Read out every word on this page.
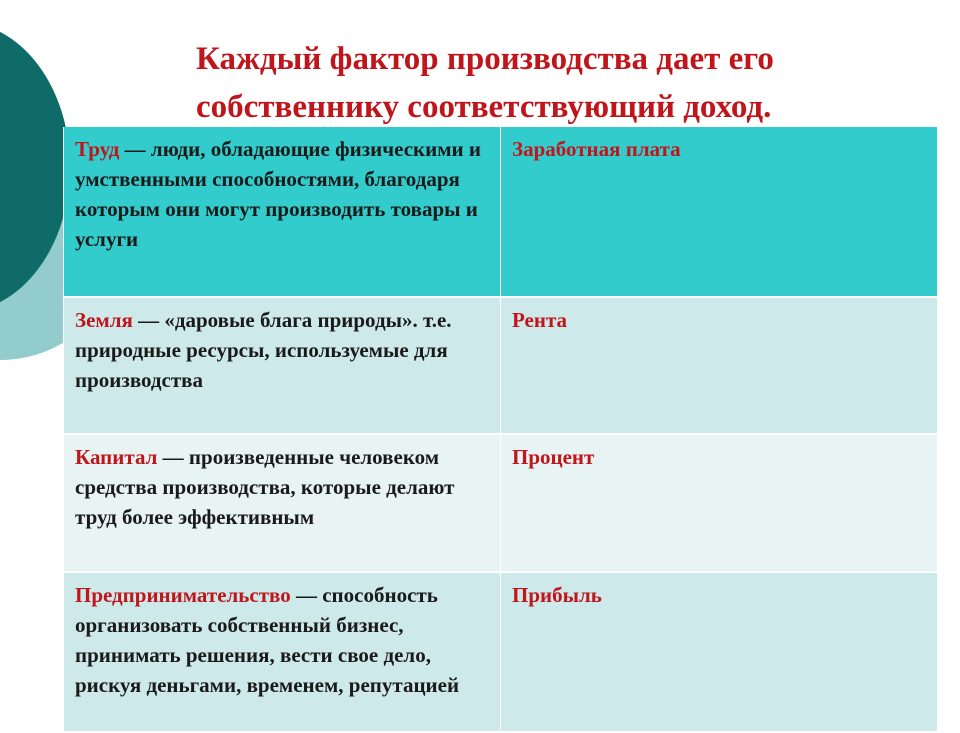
Каждый фактор производства дает его собственнику соответствующий доход.
Труд — люди, обладающие физическими и умственными способностями, благодаря которым они могут производить товары и услуги	Заработная плата
Земля — «даровые блага природы». т.е. природные ресурсы, используемые для производства	Рента
Капитал — произведенные человеком средства производства, которые делают труд более эффективным	Процент
Предпринимательство — способность организовать собственный бизнес, принимать решения, вести свое дело, рискуя деньгами, временем, репутацией	Прибыль
